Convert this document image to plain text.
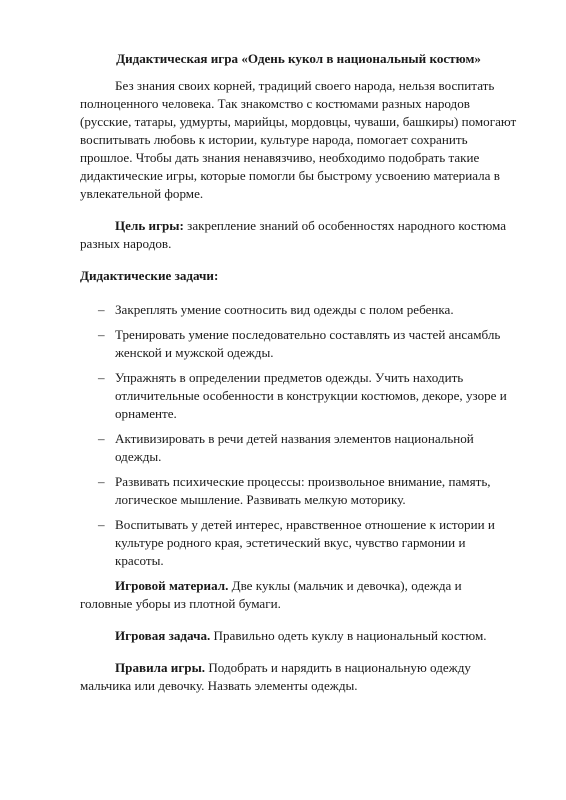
Дидактическая игра «Одень кукол в национальный костюм»

Без знания своих корней, традиций своего народа, нельзя воспитать полноценного человека. Так знакомство с костюмами разных народов (русские, татары, удмурты, марийцы, мордовцы, чуваши, башкиры) помогают воспитывать любовь к истории, культуре народа, помогает сохранить прошлое. Чтобы дать знания ненавязчиво, необходимо подобрать такие дидактические игры, которые помогли бы быстрому усвоению материала в увлекательной форме.

Цель игры: закрепление знаний об особенностях народного костюма разных народов.

Дидактические задачи:

– Закреплять умение соотносить вид одежды с полом ребенка.
– Тренировать умение последовательно составлять из частей ансамбль женской и мужской одежды.
– Упражнять в определении предметов одежды. Учить находить отличительные особенности в конструкции костюмов, декоре, узоре и орнаменте.
– Активизировать в речи детей названия элементов национальной одежды.
– Развивать психические процессы: произвольное внимание, память, логическое мышление. Развивать мелкую моторику.
– Воспитывать у детей интерес, нравственное отношение к истории и культуре родного края, эстетический вкус, чувство гармонии и красоты.

Игровой материал. Две куклы (мальчик и девочка), одежда и головные уборы из плотной бумаги.

Игровая задача. Правильно одеть куклу в национальный костюм.

Правила игры. Подобрать и нарядить в национальную одежду мальчика или девочку. Назвать элементы одежды.
